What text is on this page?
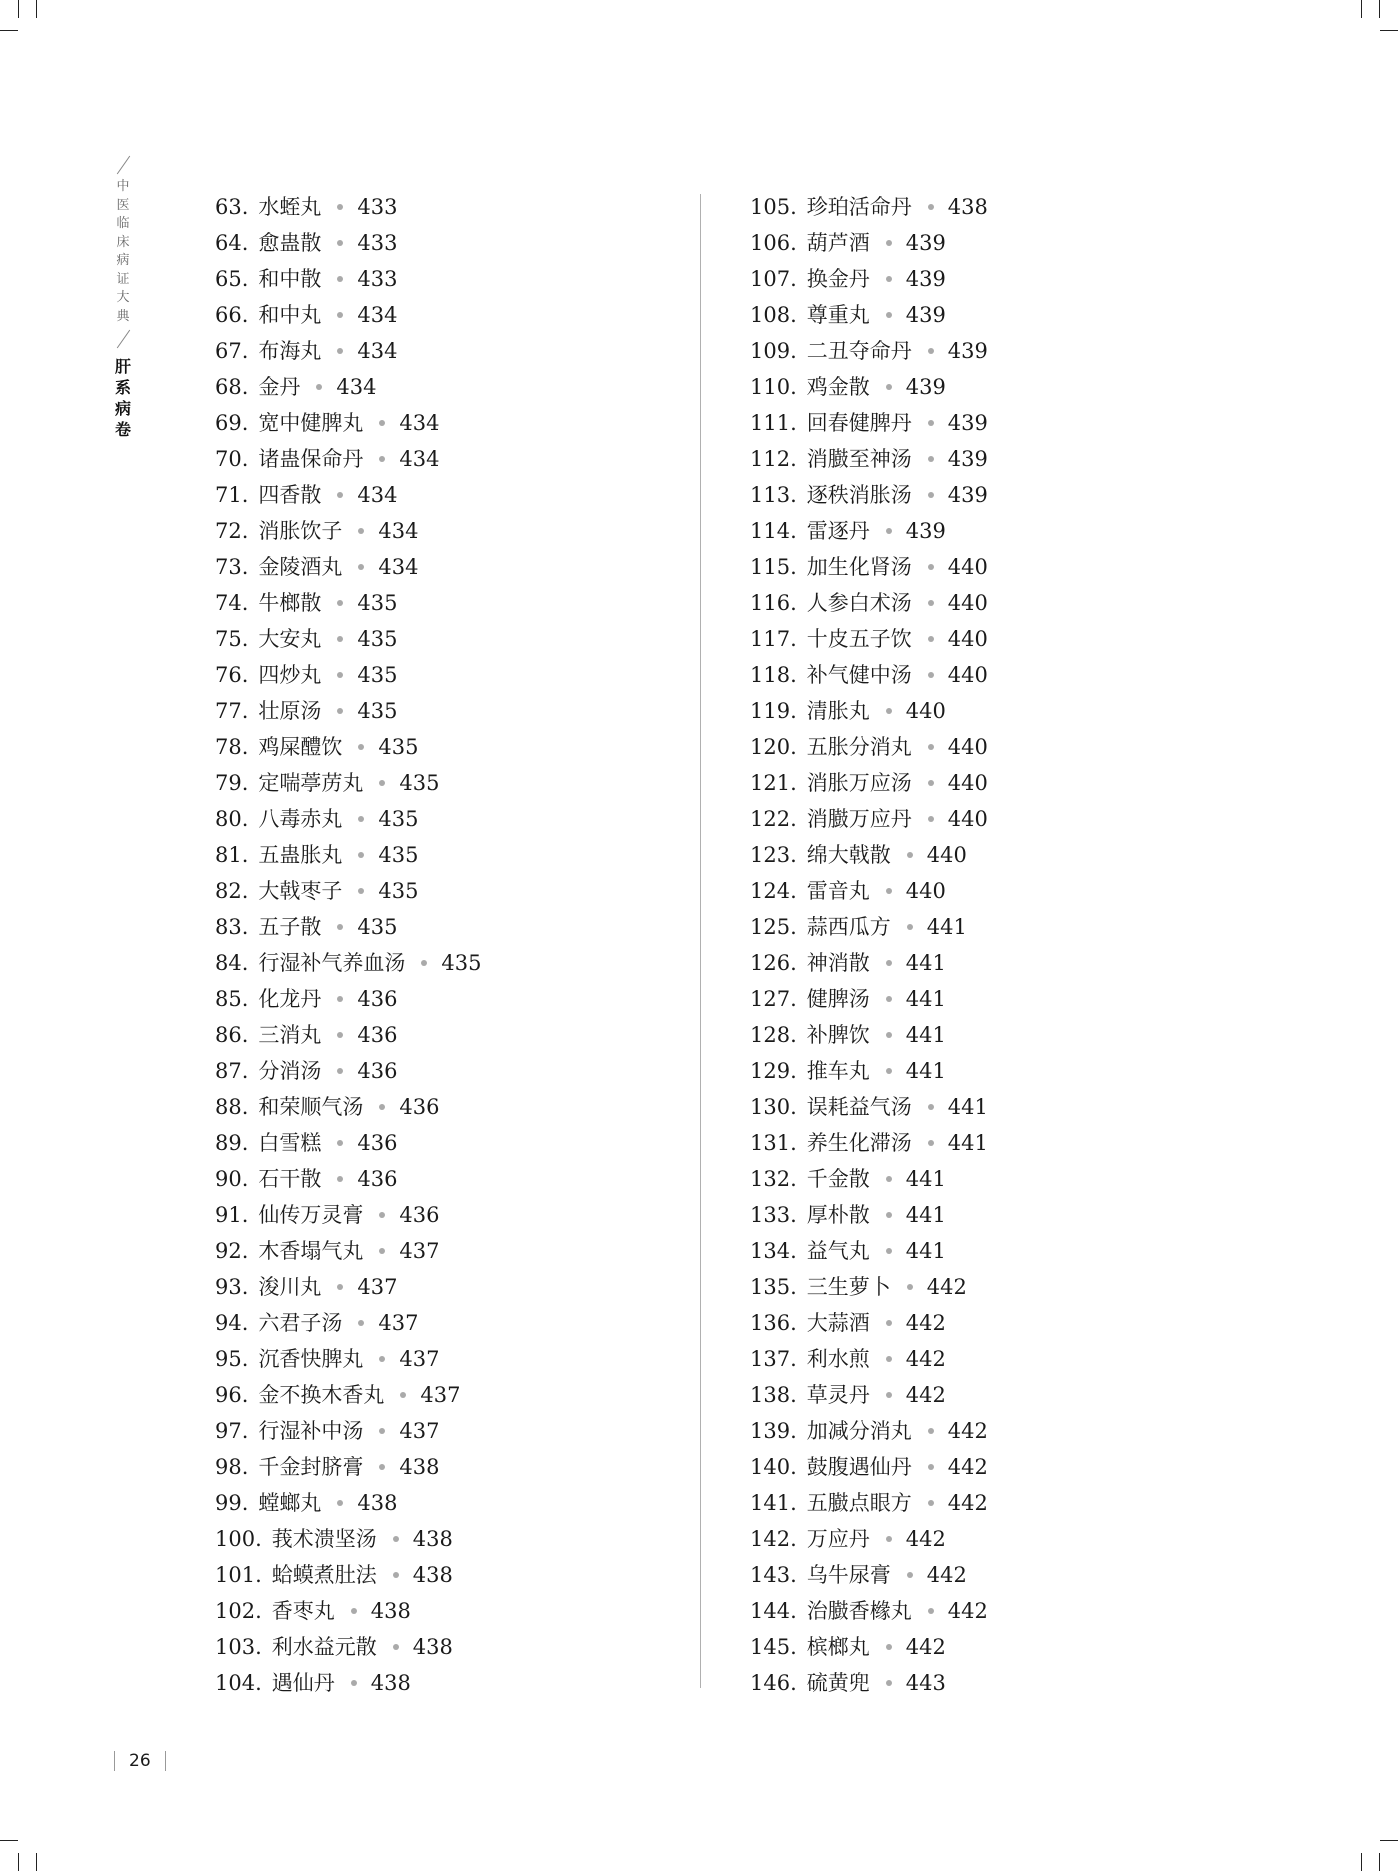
中
医
临
床
病
证
大
典
肝
系
病
卷
63. 水蛭丸 433
64. 愈蛊散 433
65. 和中散 433
66. 和中丸 434
67. 布海丸 434
68. 金丹 434
69. 宽中健脾丸 434
70. 诸蛊保命丹 434
71. 四香散 434
72. 消胀饮子 434
73. 金陵酒丸 434
74. 牛榔散 435
75. 大安丸 435
76. 四炒丸 435
77. 壮原汤 435
78. 鸡屎醴饮 435
79. 定喘葶苈丸 435
80. 八毒赤丸 435
81. 五蛊胀丸 435
82. 大戟枣子 435
83. 五子散 435
84. 行湿补气养血汤 435
85. 化龙丹 436
86. 三消丸 436
87. 分消汤 436
88. 和荣顺气汤 436
89. 白雪糕 436
90. 石干散 436
91. 仙传万灵膏 436
92. 木香塌气丸 437
93. 浚川丸 437
94. 六君子汤 437
95. 沉香快脾丸 437
96. 金不换木香丸 437
97. 行湿补中汤 437
98. 千金封脐膏 438
99. 螳螂丸 438
100. 莪术溃坚汤 438
101. 蛤蟆煮肚法 438
102. 香枣丸 438
103. 利水益元散 438
104. 遇仙丹 438
105. 珍珀活命丹 438
106. 葫芦酒 439
107. 换金丹 439
108. 尊重丸 439
109. 二丑夺命丹 439
110. 鸡金散 439
111. 回春健脾丹 439
112. 消臌至神汤 439
113. 逐秩消胀汤 439
114. 雷逐丹 439
115. 加生化肾汤 440
116. 人参白术汤 440
117. 十皮五子饮 440
118. 补气健中汤 440
119. 清胀丸 440
120. 五胀分消丸 440
121. 消胀万应汤 440
122. 消臌万应丹 440
123. 绵大戟散 440
124. 雷音丸 440
125. 蒜西瓜方 441
126. 神消散 441
127. 健脾汤 441
128. 补脾饮 441
129. 推车丸 441
130. 误耗益气汤 441
131. 养生化滞汤 441
132. 千金散 441
133. 厚朴散 441
134. 益气丸 441
135. 三生萝卜 442
136. 大蒜酒 442
137. 利水煎 442
138. 草灵丹 442
139. 加减分消丸 442
140. 鼓腹遇仙丹 442
141. 五臌点眼方 442
142. 万应丹 442
143. 乌牛尿膏 442
144. 治臌香橼丸 442
145. 槟榔丸 442
146. 硫黄兜 443
26
